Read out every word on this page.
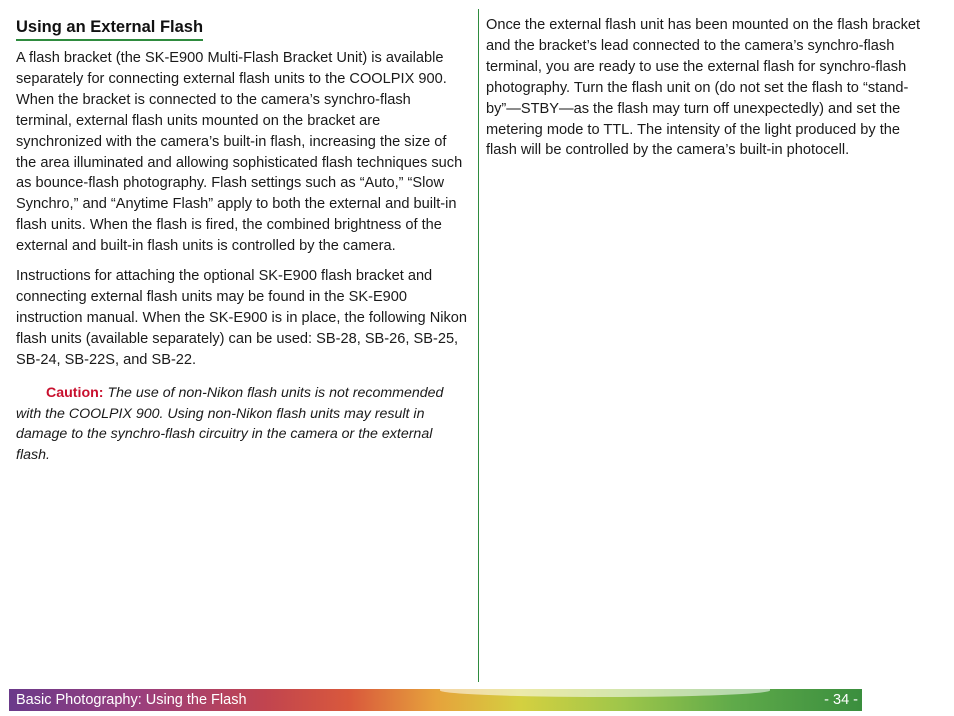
Using an External Flash

A flash bracket (the SK-E900 Multi-Flash Bracket Unit) is available separately for connecting external flash units to the COOLPIX 900. When the bracket is connected to the camera’s synchro-flash terminal, external flash units mounted on the bracket are synchronized with the camera’s built-in flash, increasing the size of the area illuminated and allowing sophisticated flash techniques such as bounce-flash photography. Flash settings such as “Auto,” “Slow Synchro,” and “Anytime Flash” apply to both the external and built-in flash units. When the flash is fired, the combined brightness of the external and built-in flash units is controlled by the camera.

Instructions for attaching the optional SK-E900 flash bracket and connecting external flash units may be found in the SK-E900 instruction manual. When the SK-E900 is in place, the following Nikon flash units (available separately) can be used: SB-28, SB-26, SB-25, SB-24, SB-22S, and SB-22.

Caution: The use of non-Nikon flash units is not recommended with the COOLPIX 900. Using non-Nikon flash units may result in damage to the synchro-flash circuitry in the camera or the external flash.

Once the external flash unit has been mounted on the flash bracket and the bracket’s lead connected to the camera’s synchro-flash terminal, you are ready to use the external flash for synchro-flash photography. Turn the flash unit on (do not set the flash to “stand-by”—STBY—as the flash may turn off unexpectedly) and set the metering mode to TTL. The intensity of the light produced by the flash will be controlled by the camera’s built-in photocell.

Basic Photography: Using the Flash	- 34 -
